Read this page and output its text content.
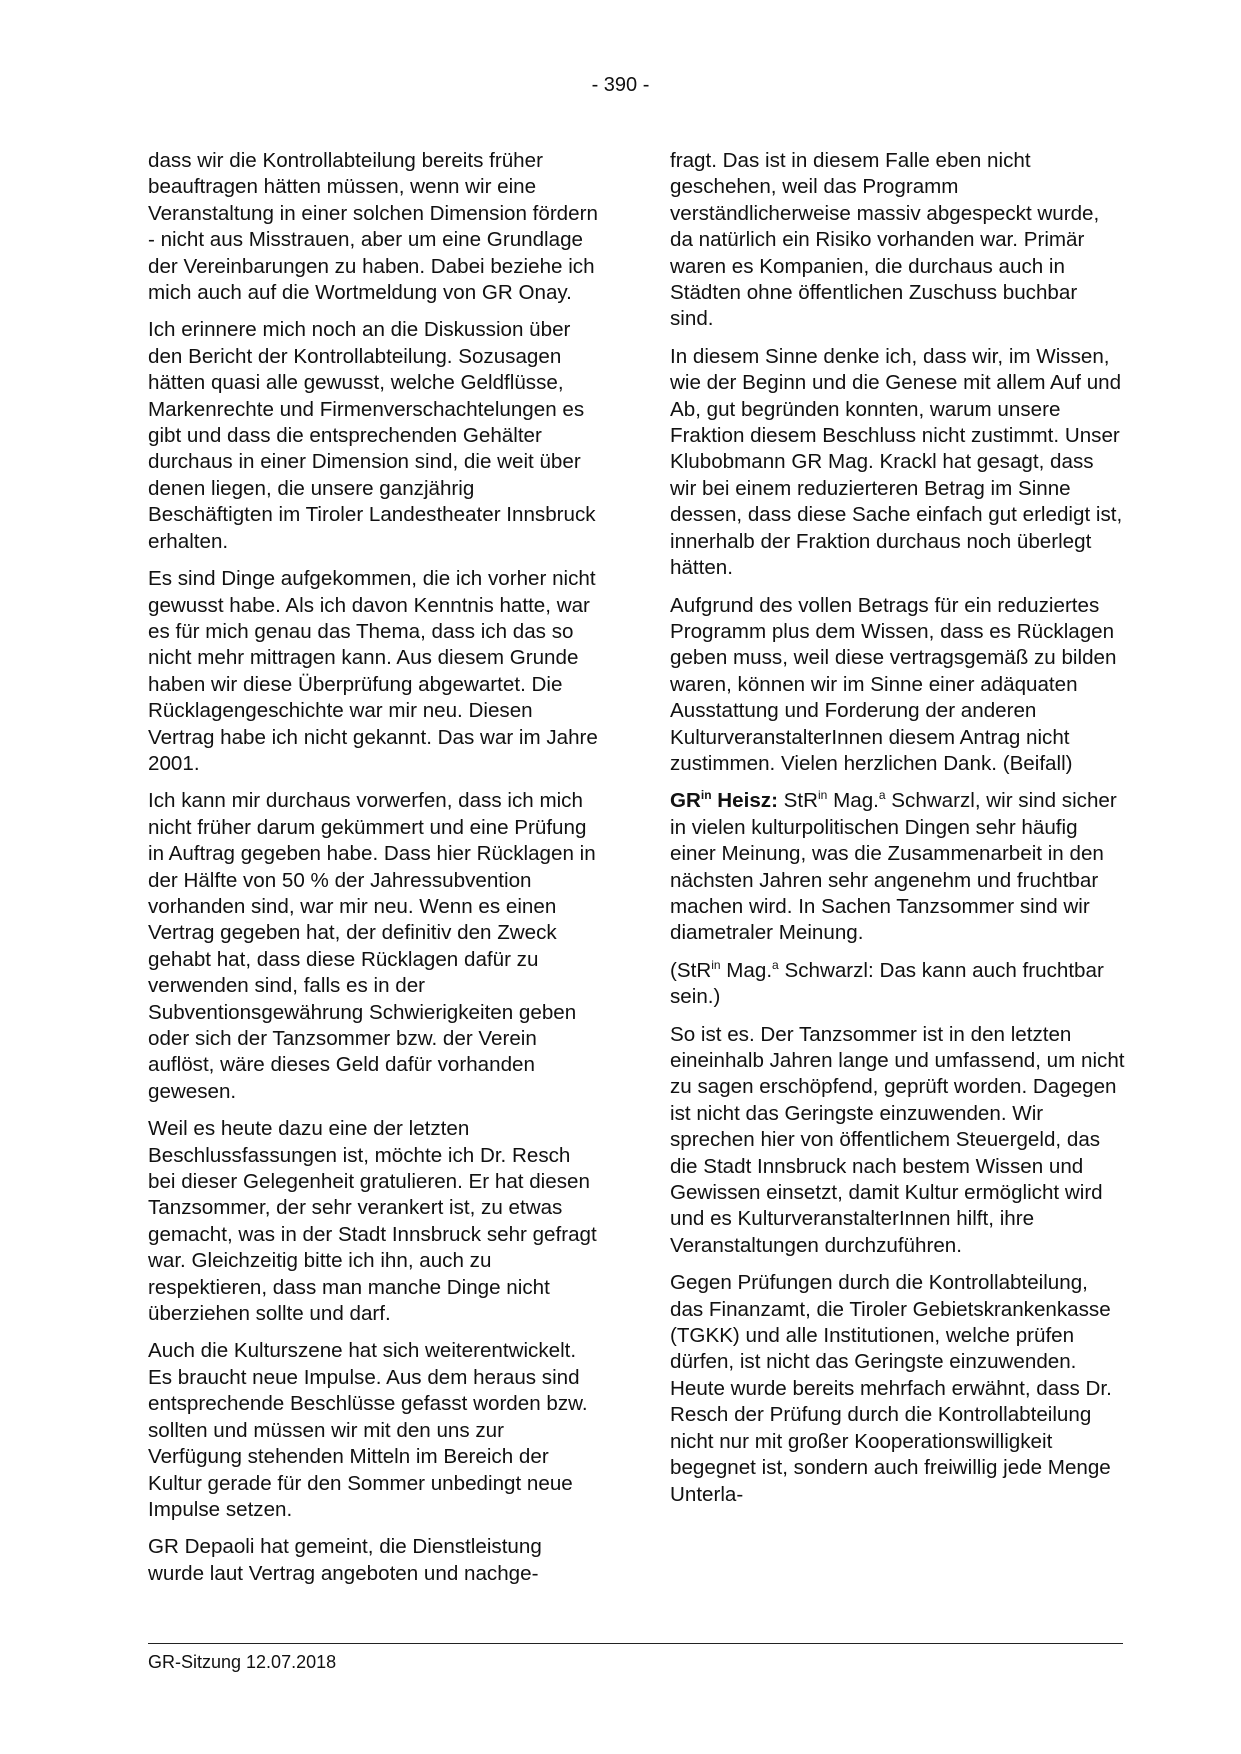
- 390 -

dass wir die Kontrollabteilung bereits früher beauftragen hätten müssen, wenn wir eine Veranstaltung in einer solchen Dimension fördern - nicht aus Misstrauen, aber um eine Grundlage der Vereinbarungen zu haben. Dabei beziehe ich mich auch auf die Wortmeldung von GR Onay.

Ich erinnere mich noch an die Diskussion über den Bericht der Kontrollabteilung. Sozusagen hätten quasi alle gewusst, welche Geldflüsse, Markenrechte und Firmenverschachtelungen es gibt und dass die entsprechenden Gehälter durchaus in einer Dimension sind, die weit über denen liegen, die unsere ganzjährig Beschäftigten im Tiroler Landestheater Innsbruck erhalten.

Es sind Dinge aufgekommen, die ich vorher nicht gewusst habe. Als ich davon Kenntnis hatte, war es für mich genau das Thema, dass ich das so nicht mehr mittragen kann. Aus diesem Grunde haben wir diese Überprüfung abgewartet. Die Rücklagengeschichte war mir neu. Diesen Vertrag habe ich nicht gekannt. Das war im Jahre 2001.

Ich kann mir durchaus vorwerfen, dass ich mich nicht früher darum gekümmert und eine Prüfung in Auftrag gegeben habe. Dass hier Rücklagen in der Hälfte von 50 % der Jahressubvention vorhanden sind, war mir neu. Wenn es einen Vertrag gegeben hat, der definitiv den Zweck gehabt hat, dass diese Rücklagen dafür zu verwenden sind, falls es in der Subventionsgewährung Schwierigkeiten geben oder sich der Tanzsommer bzw. der Verein auflöst, wäre dieses Geld dafür vorhanden gewesen.

Weil es heute dazu eine der letzten Beschlussfassungen ist, möchte ich Dr. Resch bei dieser Gelegenheit gratulieren. Er hat diesen Tanzsommer, der sehr verankert ist, zu etwas gemacht, was in der Stadt Innsbruck sehr gefragt war. Gleichzeitig bitte ich ihn, auch zu respektieren, dass man manche Dinge nicht überziehen sollte und darf.

Auch die Kulturszene hat sich weiterentwickelt. Es braucht neue Impulse. Aus dem heraus sind entsprechende Beschlüsse gefasst worden bzw. sollten und müssen wir mit den uns zur Verfügung stehenden Mitteln im Bereich der Kultur gerade für den Sommer unbedingt neue Impulse setzen.

GR Depaoli hat gemeint, die Dienstleistung wurde laut Vertrag angeboten und nachge-

fragt. Das ist in diesem Falle eben nicht geschehen, weil das Programm verständlicherweise massiv abgespeckt wurde, da natürlich ein Risiko vorhanden war. Primär waren es Kompanien, die durchaus auch in Städten ohne öffentlichen Zuschuss buchbar sind.

In diesem Sinne denke ich, dass wir, im Wissen, wie der Beginn und die Genese mit allem Auf und Ab, gut begründen konnten, warum unsere Fraktion diesem Beschluss nicht zustimmt. Unser Klubobmann GR Mag. Krackl hat gesagt, dass wir bei einem reduzierteren Betrag im Sinne dessen, dass diese Sache einfach gut erledigt ist, innerhalb der Fraktion durchaus noch überlegt hätten.

Aufgrund des vollen Betrags für ein reduziertes Programm plus dem Wissen, dass es Rücklagen geben muss, weil diese vertragsgemäß zu bilden waren, können wir im Sinne einer adäquaten Ausstattung und Forderung der anderen KulturveranstalterInnen diesem Antrag nicht zustimmen. Vielen herzlichen Dank. (Beifall)

$GR^{in}$ Heisz: StR$^{in}$ Mag.$^a$ Schwarzl, wir sind sicher in vielen kulturpolitischen Dingen sehr häufig einer Meinung, was die Zusammenarbeit in den nächsten Jahren sehr angenehm und fruchtbar machen wird. In Sachen Tanzsommer sind wir diametraler Meinung.

(StR$^{in}$ Mag.$^a$ Schwarzl: Das kann auch fruchtbar sein.)

So ist es. Der Tanzsommer ist in den letzten eineinhalb Jahren lange und umfassend, um nicht zu sagen erschöpfend, geprüft worden. Dagegen ist nicht das Geringste einzuwenden. Wir sprechen hier von öffentlichem Steuergeld, das die Stadt Innsbruck nach bestem Wissen und Gewissen einsetzt, damit Kultur ermöglicht wird und es KulturveranstalterInnen hilft, ihre Veranstaltungen durchzuführen.

Gegen Prüfungen durch die Kontrollabteilung, das Finanzamt, die Tiroler Gebietskrankenkasse (TGKK) und alle Institutionen, welche prüfen dürfen, ist nicht das Geringste einzuwenden. Heute wurde bereits mehrfach erwähnt, dass Dr. Resch der Prüfung durch die Kontrollabteilung nicht nur mit großer Kooperationswilligkeit begegnet ist, sondern auch freiwillig jede Menge Unterla-

GR-Sitzung 12.07.2018
